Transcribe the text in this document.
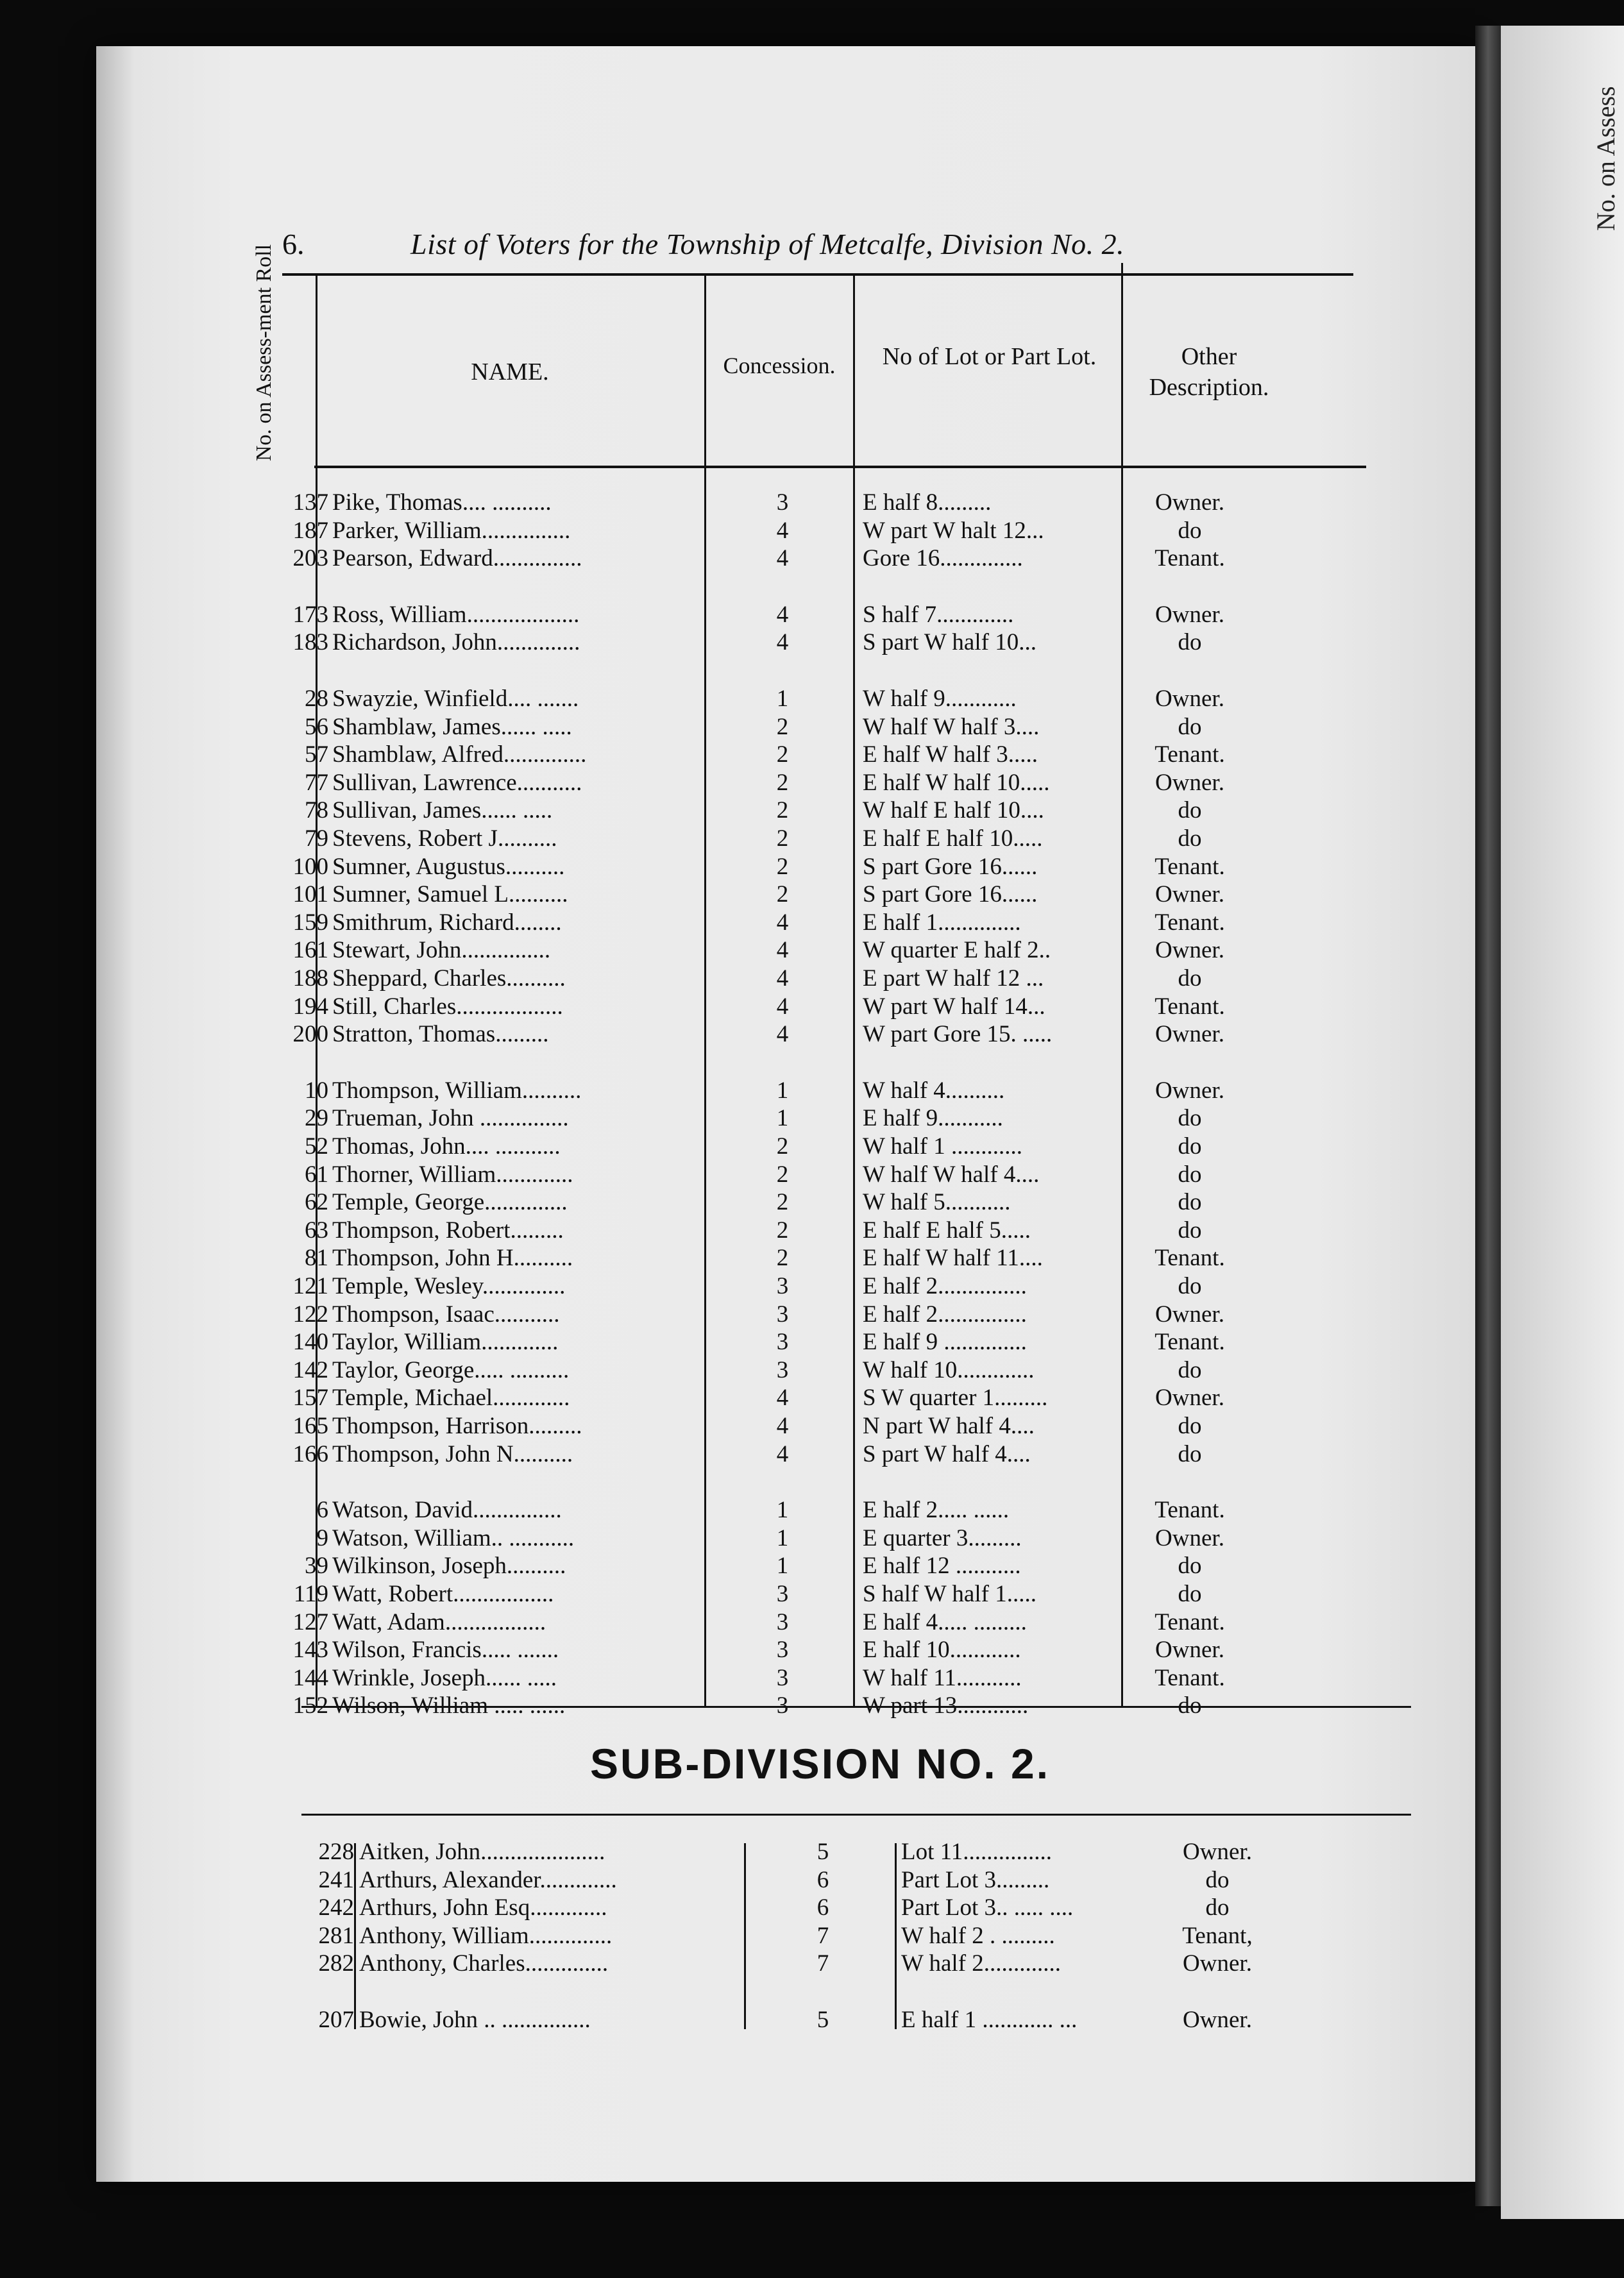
No. on Assess
6.	List of Voters for the Township of Metcalfe, Division No. 2.
No. on Assess-ment Roll	NAME.	Concession.	No of Lot or Part Lot.	Other Description.
137 Pike, Thomas.... ..........	3	E half 8.........	Owner.
187 Parker, William...............	4	W part W halt 12...	do
203 Pearson, Edward...............	4	Gore 16..............	Tenant.
173 Ross, William...................	4	S half 7.............	Owner.
183 Richardson, John..............	4	S part W half 10...	do
28 Swayzie, Winfield.... .......	1	W half 9............	Owner.
56 Shamblaw, James...... .....	2	W half W half 3....	do
57 Shamblaw, Alfred..............	2	E half W half 3.....	Tenant.
77 Sullivan, Lawrence...........	2	E half W half 10.....	Owner.
78 Sullivan, James...... .....	2	W half E half 10....	do
79 Stevens, Robert J..........	2	E half E half 10.....	do
100 Sumner, Augustus..........	2	S part Gore 16......	Tenant.
101 Sumner, Samuel L..........	2	S part Gore 16......	Owner.
159 Smithrum, Richard........	4	E half 1..............	Tenant.
161 Stewart, John...............	4	W quarter E half 2..	Owner.
188 Sheppard, Charles..........	4	E part W half 12 ...	do
194 Still, Charles..................	4	W part W half 14...	Tenant.
200 Stratton, Thomas.........	4	W part Gore 15. .....	Owner.
10 Thompson, William..........	1	W half 4..........	Owner.
29 Trueman, John ...............	1	E half 9...........	do
52 Thomas, John.... ...........	2	W half 1 ............	do
61 Thorner, William.............	2	W half W half 4....	do
62 Temple, George..............	2	W half 5...........	do
63 Thompson, Robert.........	2	E half E half 5.....	do
81 Thompson, John H..........	2	E half W half 11....	Tenant.
121 Temple, Wesley..............	3	E half 2...............	do
122 Thompson, Isaac...........	3	E half 2...............	Owner.
140 Taylor, William.............	3	E half 9 ..............	Tenant.
142 Taylor, George..... ..........	3	W half 10.............	do
157 Temple, Michael.............	4	S W quarter 1.........	Owner.
165 Thompson, Harrison.........	4	N part W half 4....	do
166 Thompson, John N..........	4	S part W half 4....	do
6 Watson, David...............	1	E half 2..... ......	Tenant.
9 Watson, William.. ...........	1	E quarter 3.........	Owner.
39 Wilkinson, Joseph..........	1	E half 12 ...........	do
119 Watt, Robert.................	3	S half W half 1.....	do
127 Watt, Adam.................	3	E half 4..... .........	Tenant.
143 Wilson, Francis..... .......	3	E half 10............	Owner.
144 Wrinkle, Joseph...... .....	3	W half 11...........	Tenant.
152 Wilson, William ..... ......	3	W part 13............	do
SUB-DIVISION NO. 2.
228 Aitken, John.....................	5	Lot 11...............	Owner.
241 Arthurs, Alexander.............	6	Part Lot 3.........	do
242 Arthurs, John Esq.............	6	Part Lot 3.. ..... ....	do
281 Anthony, William..............	7	W half 2 . .........	Tenant,
282 Anthony, Charles..............	7	W half 2.............	Owner.
207 Bowie, John .. ...............	5	E half 1 ............ ...	Owner.
